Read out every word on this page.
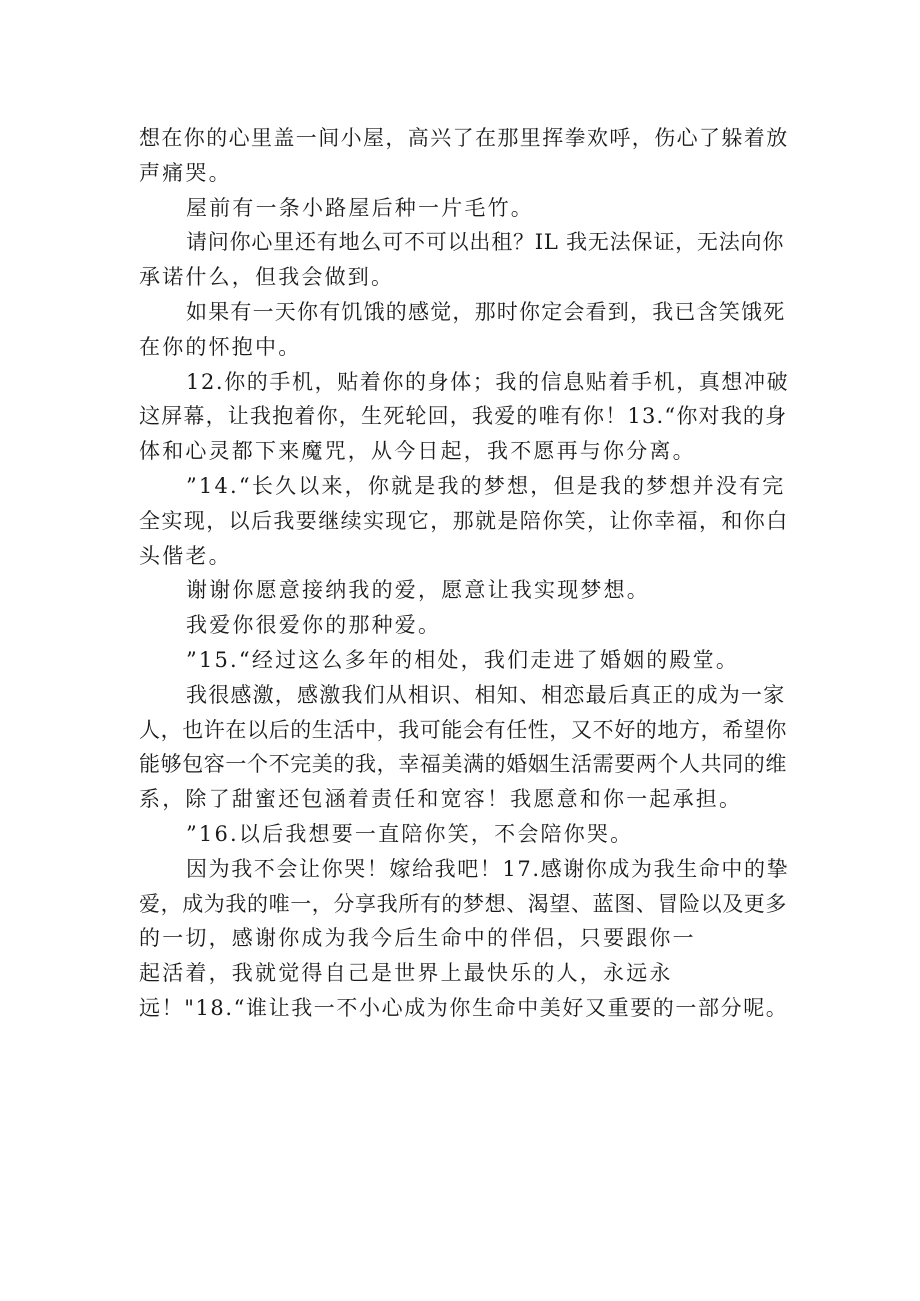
想在你的心里盖一间小屋，高兴了在那里挥拳欢呼，伤心了躲着放
声痛哭。
屋前有一条小路屋后种一片毛竹。
请问你心里还有地么可不可以出租？IL 我无法保证，无法向你
承诺什么，但我会做到。
如果有一天你有饥饿的感觉，那时你定会看到，我已含笑饿死
在你的怀抱中。
12.你的手机，贴着你的身体；我的信息贴着手机，真想冲破
这屏幕，让我抱着你，生死轮回，我爱的唯有你！13.“你对我的身
体和心灵都下来魔咒，从今日起，我不愿再与你分离。
”14.“长久以来，你就是我的梦想，但是我的梦想并没有完
全实现，以后我要继续实现它，那就是陪你笑，让你幸福，和你白
头偕老。
谢谢你愿意接纳我的爱，愿意让我实现梦想。
我爱你很爱你的那种爱。
”15.“经过这么多年的相处，我们走进了婚姻的殿堂。
我很感激，感激我们从相识、相知、相恋最后真正的成为一家
人，也许在以后的生活中，我可能会有任性，又不好的地方，希望你
能够包容一个不完美的我，幸福美满的婚姻生活需要两个人共同的维
系，除了甜蜜还包涵着责任和宽容！我愿意和你一起承担。
”16.以后我想要一直陪你笑，不会陪你哭。
因为我不会让你哭！嫁给我吧！17.感谢你成为我生命中的挚
爱，成为我的唯一，分享我所有的梦想、渴望、蓝图、冒险以及更多
的一切，感谢你成为我今后生命中的伴侣，只要跟你一
起活着，我就觉得自己是世界上最快乐的人，永远永
远！"18.“谁让我一不小心成为你生命中美好又重要的一部分呢。
